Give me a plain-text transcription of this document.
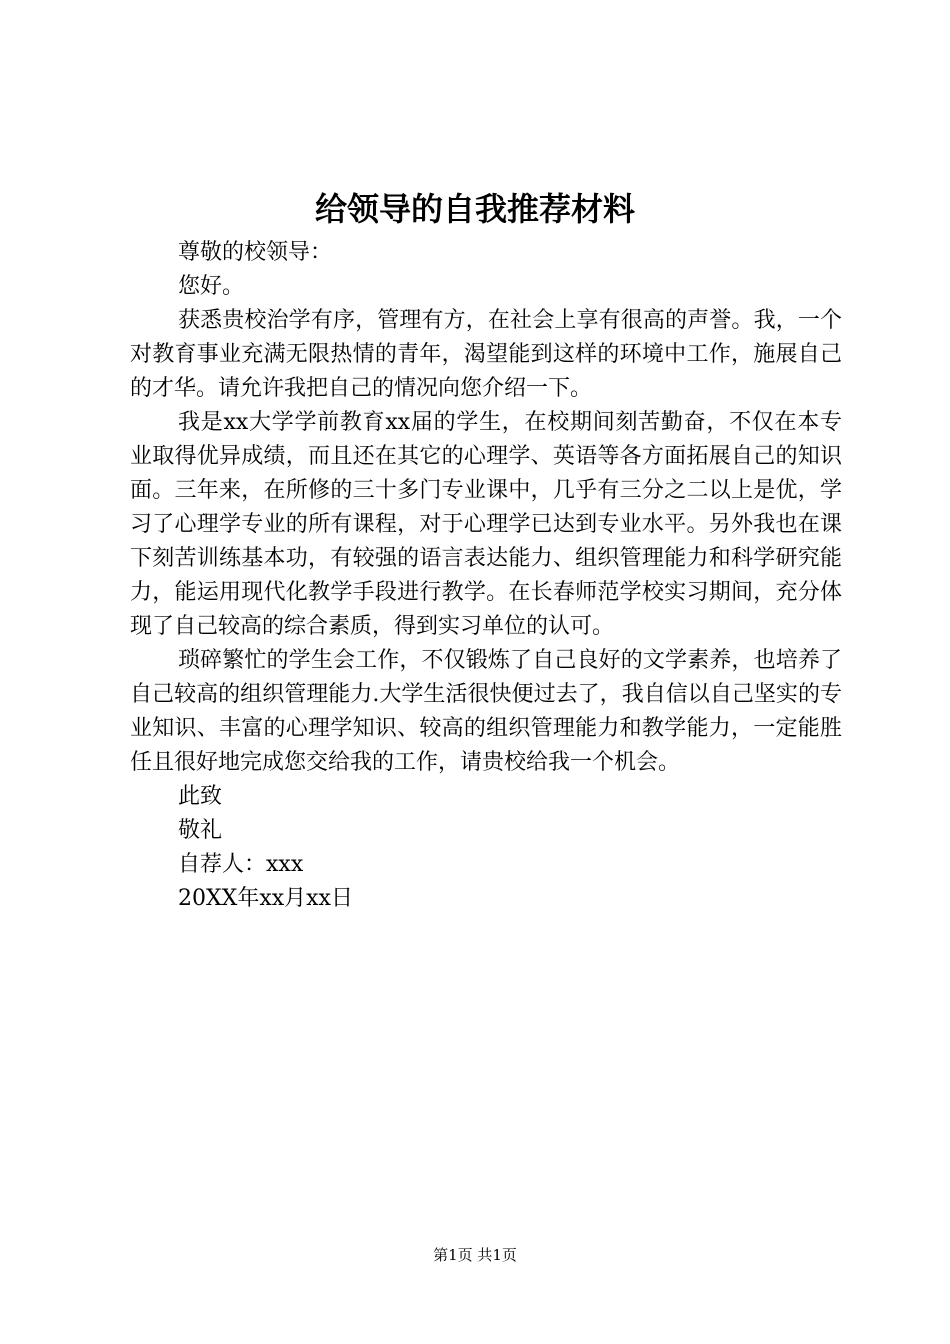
给领导的自我推荐材料
尊敬的校领导：
您好。

获悉贵校治学有序，管理有方，在社会上享有很高的声誉。我，一个对教育事业充满无限热情的青年，渴望能到这样的环境中工作，施展自己的才华。请允许我把自己的情况向您介绍一下。

我是xx大学学前教育xx届的学生，在校期间刻苦勤奋，不仅在本专业取得优异成绩，而且还在其它的心理学、英语等各方面拓展自己的知识面。三年来，在所修的三十多门专业课中，几乎有三分之二以上是优，学习了心理学专业的所有课程，对于心理学已达到专业水平。另外我也在课下刻苦训练基本功，有较强的语言表达能力、组织管理能力和科学研究能力，能运用现代化教学手段进行教学。在长春师范学校实习期间，充分体现了自己较高的综合素质，得到实习单位的认可。

琐碎繁忙的学生会工作，不仅锻炼了自己良好的文学素养，也培养了自己较高的组织管理能力.大学生活很快便过去了，我自信以自己坚实的专业知识、丰富的心理学知识、较高的组织管理能力和教学能力，一定能胜任且很好地完成您交给我的工作，请贵校给我一个机会。

此致
敬礼
自荐人：xxx
20XX年xx月xx日
第1页 共1页
